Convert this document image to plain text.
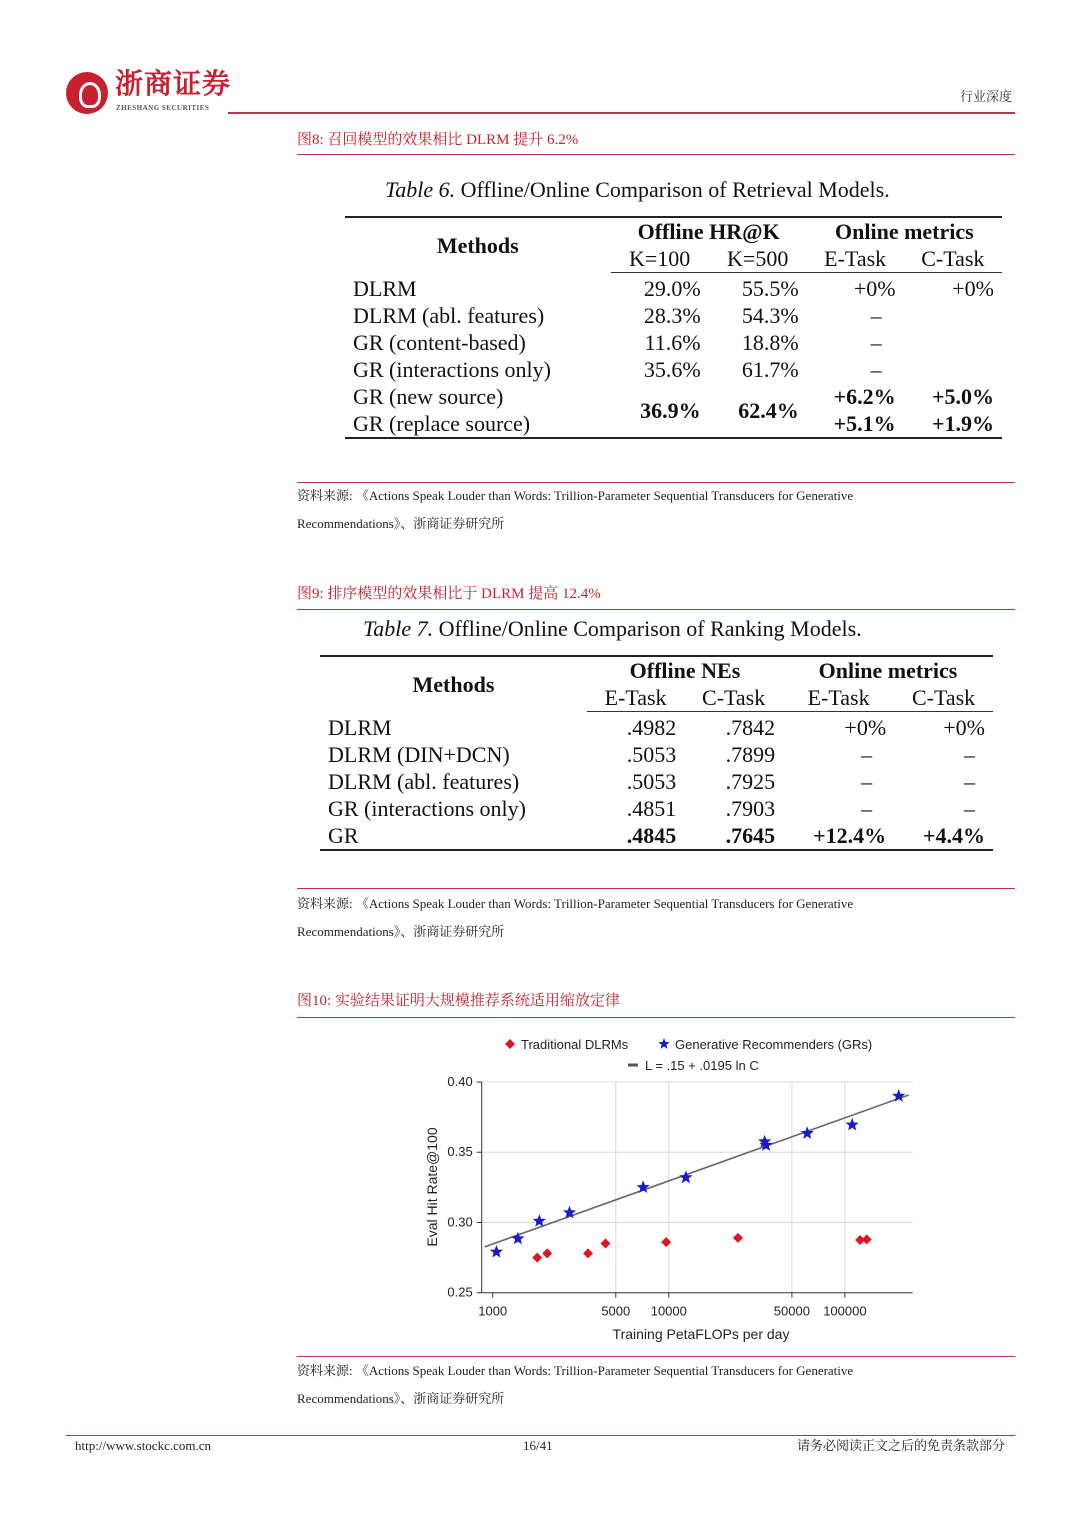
浙商证券
ZHESHANG SECURITIES
行业深度
图8: 召回模型的效果相比 DLRM 提升 6.2%
Table 6. Offline/Online Comparison of Retrieval Models.
Methods	Offline HR@K		Online metrics	
	K=100	K=500	E-Task	C-Task
DLRM	29.0%	55.5%	+0%	+0%
DLRM (abl. features)	28.3%	54.3%	–	
GR (content-based)	11.6%	18.8%	–	
GR (interactions only)	35.6%	61.7%	–	
GR (new source)	36.9%	62.4%	+6.2%	+5.0%
GR (replace source)			+5.1%	+1.9%
资料来源: 《Actions Speak Louder than Words: Trillion-Parameter Sequential Transducers for Generative
Recommendations》、浙商证券研究所
图9: 排序模型的效果相比于 DLRM 提高 12.4%
Table 7. Offline/Online Comparison of Ranking Models.
Methods	Offline NEs		Online metrics	
	E-Task	C-Task	E-Task	C-Task
DLRM	.4982	.7842	+0%	+0%
DLRM (DIN+DCN)	.5053	.7899	–	–
DLRM (abl. features)	.5053	.7925	–	–
GR (interactions only)	.4851	.7903	–	–
GR	.4845	.7645	+12.4%	+4.4%
资料来源: 《Actions Speak Louder than Words: Trillion-Parameter Sequential Transducers for Generative
Recommendations》、浙商证券研究所
图10: 实验结果证明大规模推荐系统适用缩放定律
0.25
0.30
0.35
0.40
1000	5000 10000	50000 100000
Traditional DLRMs	Generative Recommenders (GRs)
L = .15 + .0195 ln C
Training PetaFLOPs per day
Eval Hit Rate@100
资料来源: 《Actions Speak Louder than Words: Trillion-Parameter Sequential Transducers for Generative
Recommendations》、浙商证券研究所
http://www.stockc.com.cn	16/41	请务必阅读正文之后的免责条款部分
